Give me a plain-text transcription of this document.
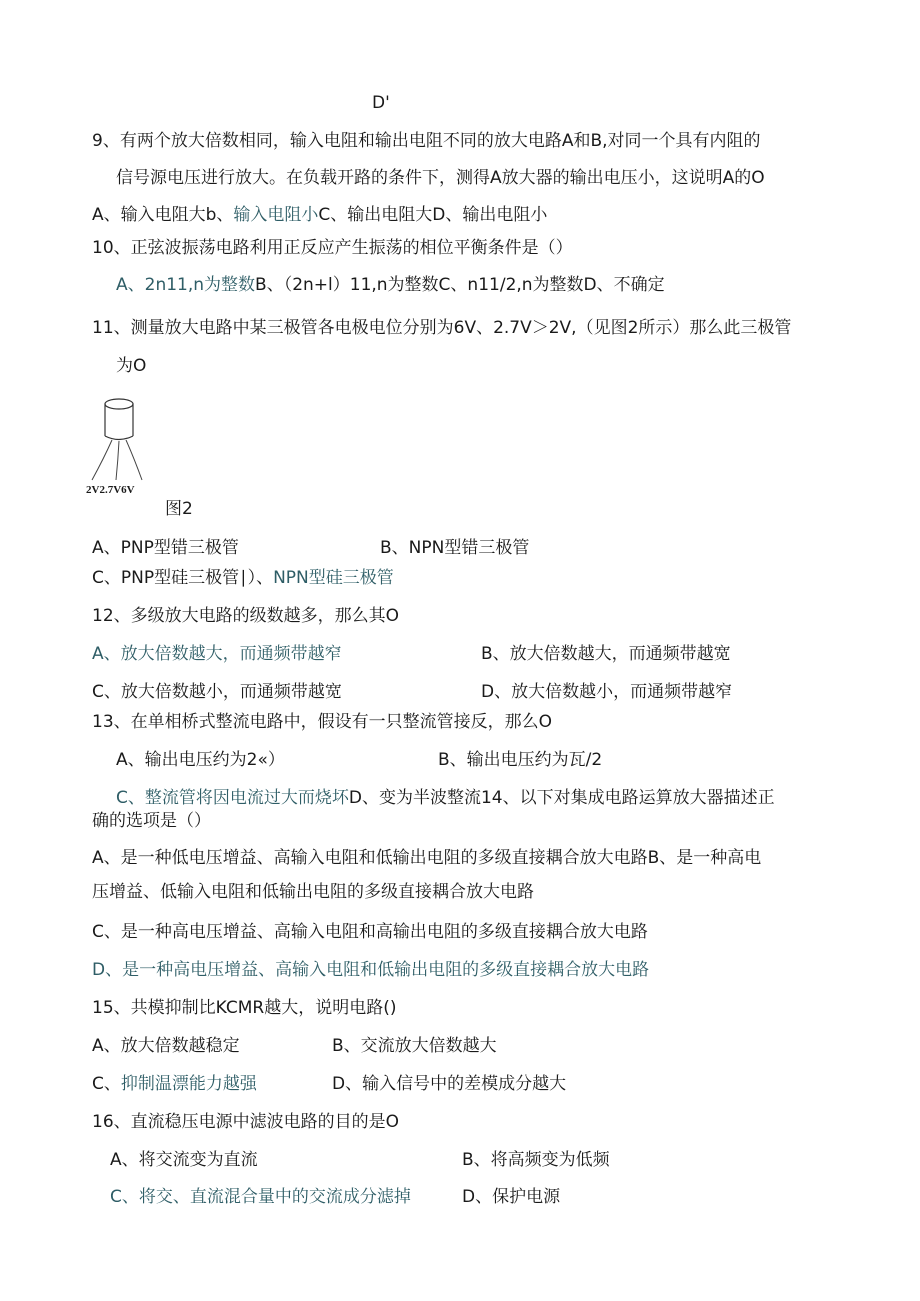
D'
9、有两个放大倍数相同，输入电阻和输出电阻不同的放大电路A和B,对同一个具有内阻的
信号源电压进行放大。在负载开路的条件下，测得A放大器的输出电压小，这说明A的O
A、输入电阻大b、输入电阻小C、输出电阻大D、输出电阻小
10、正弦波振荡电路利用正反应产生振荡的相位平衡条件是（）
A、2n11,n为整数B、（2n+l）11,n为整数C、n11∕2,n为整数D、不确定
11、测量放大电路中某三极管各电极电位分别为6V、2.7V＞2V,（见图2所示）那么此三极管
为O
2V2.7V6V
图2
A、PNP型错三极管	B、NPN型错三极管
C、PNP型硅三极管∣）、NPN型硅三极管
12、多级放大电路的级数越多，那么其O
A、放大倍数越大，而通频带越窄	B、放大倍数越大，而通频带越宽
C、放大倍数越小，而通频带越宽	D、放大倍数越小，而通频带越窄
13、在单相桥式整流电路中，假设有一只整流管接反，那么O
A、输出电压约为2«）	B、输出电压约为瓦/2
C、整流管将因电流过大而烧坏D、变为半波整流14、以下对集成电路运算放大器描述正
确的选项是（）
A、是一种低电压增益、高输入电阻和低输出电阻的多级直接耦合放大电路B、是一种高电
压增益、低输入电阻和低输出电阻的多级直接耦合放大电路
C、是一种高电压增益、高输入电阻和高输出电阻的多级直接耦合放大电路
D、是一种高电压增益、高输入电阻和低输出电阻的多级直接耦合放大电路
15、共模抑制比KCMR越大，说明电路()
A、放大倍数越稳定	B、交流放大倍数越大
C、抑制温漂能力越强	D、输入信号中的差模成分越大
16、直流稳压电源中滤波电路的目的是O
A、将交流变为直流	B、将高频变为低频
C、将交、直流混合量中的交流成分滤掉	D、保护电源
